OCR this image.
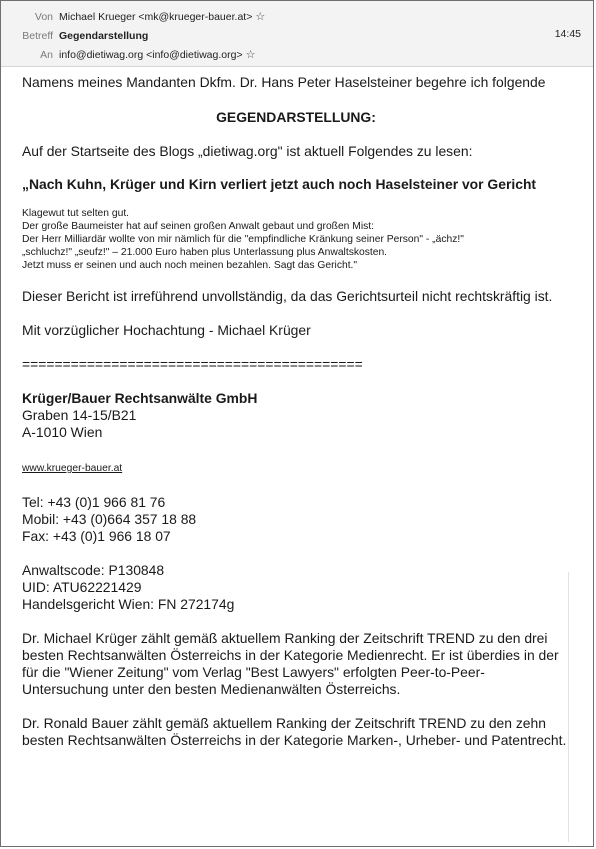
Von Michael Krueger <mk@krueger-bauer.at> ☆
Betreff Gegendarstellung	14:45
An info@dietiwag.org <info@dietiwag.org> ☆

Namens meines Mandanten Dkfm. Dr. Hans Peter Haselsteiner begehre ich folgende

GEGENDARSTELLUNG:

Auf der Startseite des Blogs „dietiwag.org" ist aktuell Folgendes zu lesen:

„Nach Kuhn, Krüger und Kirn verliert jetzt auch noch Haselsteiner vor Gericht

Klagewut tut selten gut.
Der große Baumeister hat auf seinen großen Anwalt gebaut und großen Mist:
Der Herr Milliardär wollte von mir nämlich für die "empfindliche Kränkung seiner Person" - „ächz!"
„schluchz!" „seufz!" – 21.000 Euro haben plus Unterlassung plus Anwaltskosten.
Jetzt muss er seinen und auch noch meinen bezahlen. Sagt das Gericht."

Dieser Bericht ist irreführend unvollständig, da das Gerichtsurteil nicht rechtskräftig ist.

Mit vorzüglicher Hochachtung - Michael Krüger

==========================================

Krüger/Bauer Rechtsanwälte GmbH

Graben 14-15/B21

A-1010 Wien

www.krueger-bauer.at

Tel: +43 (0)1 966 81 76

Mobil: +43 (0)664 357 18 88

Fax: +43 (0)1 966 18 07

Anwaltscode: P130848

UID: ATU62221429

Handelsgericht Wien: FN 272174g

Dr. Michael Krüger zählt gemäß aktuellem Ranking der Zeitschrift TREND zu den drei besten Rechtsanwälten Österreichs in der Kategorie Medienrecht. Er ist überdies in der für die "Wiener Zeitung" vom Verlag "Best Lawyers" erfolgten Peer-to-Peer-Untersuchung unter den besten Medienanwälten Österreichs.

Dr. Ronald Bauer zählt gemäß aktuellem Ranking der Zeitschrift TREND zu den zehn besten Rechtsanwälten Österreichs in der Kategorie Marken-, Urheber- und Patentrecht.
